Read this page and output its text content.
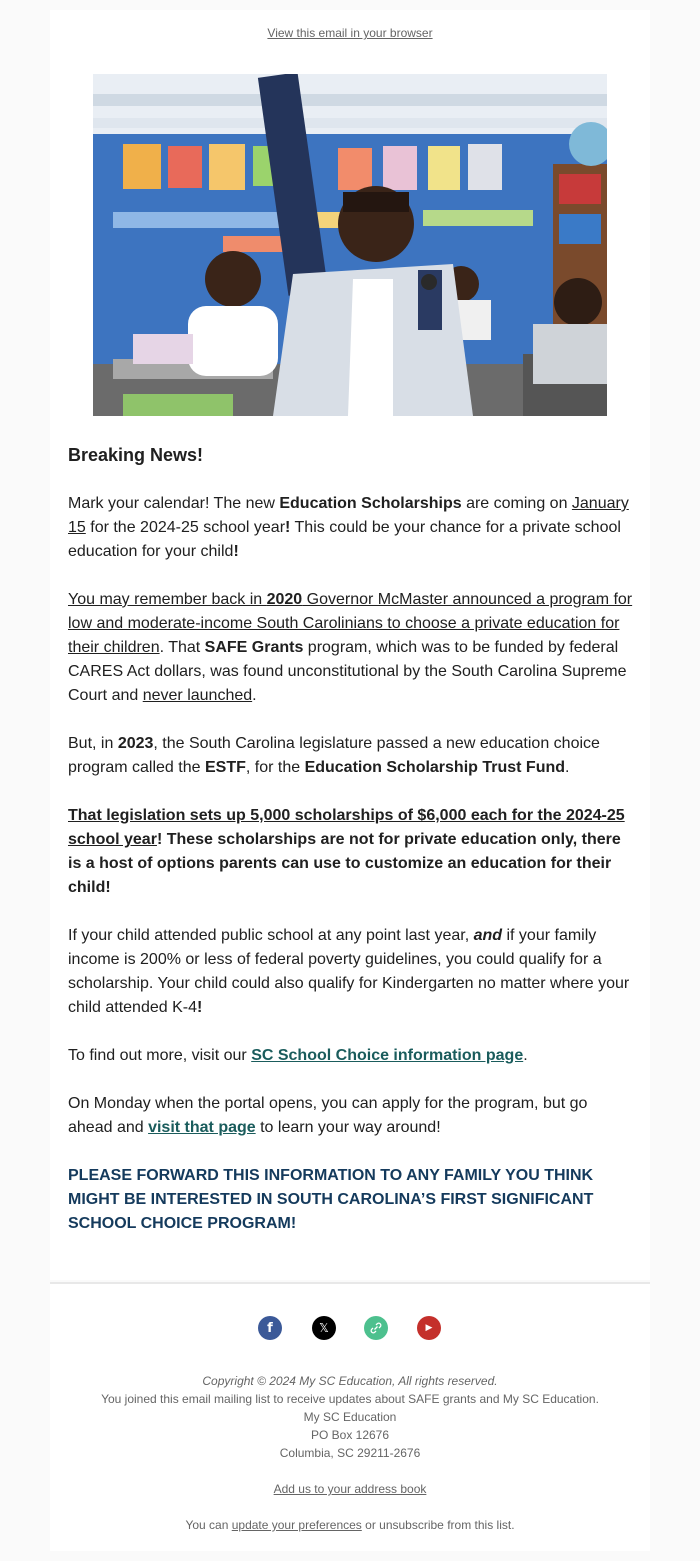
View this email in your browser
Breaking News!

Mark your calendar! The new Education Scholarships are coming on January 15 for the 2024-25 school year! This could be your chance for a private school education for your child!

You may remember back in 2020 Governor McMaster announced a program for low and moderate-income South Carolinians to choose a private education for their children. That SAFE Grants program, which was to be funded by federal CARES Act dollars, was found unconstitutional by the South Carolina Supreme Court and never launched.

But, in 2023, the South Carolina legislature passed a new education choice program called the ESTF, for the Education Scholarship Trust Fund.

That legislation sets up 5,000 scholarships of $6,000 each for the 2024-25 school year! These scholarships are not for private education only, there is a host of options parents can use to customize an education for their child!

If your child attended public school at any point last year, and if your family income is 200% or less of federal poverty guidelines, you could qualify for a scholarship. Your child could also qualify for Kindergarten no matter where your child attended K-4!

To find out more, visit our SC School Choice information page.

On Monday when the portal opens, you can apply for the program, but go ahead and visit that page to learn your way around!

PLEASE FORWARD THIS INFORMATION TO ANY FAMILY YOU THINK MIGHT BE INTERESTED IN SOUTH CAROLINA’S FIRST SIGNIFICANT SCHOOL CHOICE PROGRAM!

f	𝕏	▶
Copyright © 2024 My SC Education, All rights reserved.
You joined this email mailing list to receive updates about SAFE grants and My SC Education.
My SC Education
PO Box 12676
Columbia, SC 29211-2676
Add us to your address book
You can update your preferences or unsubscribe from this list.
